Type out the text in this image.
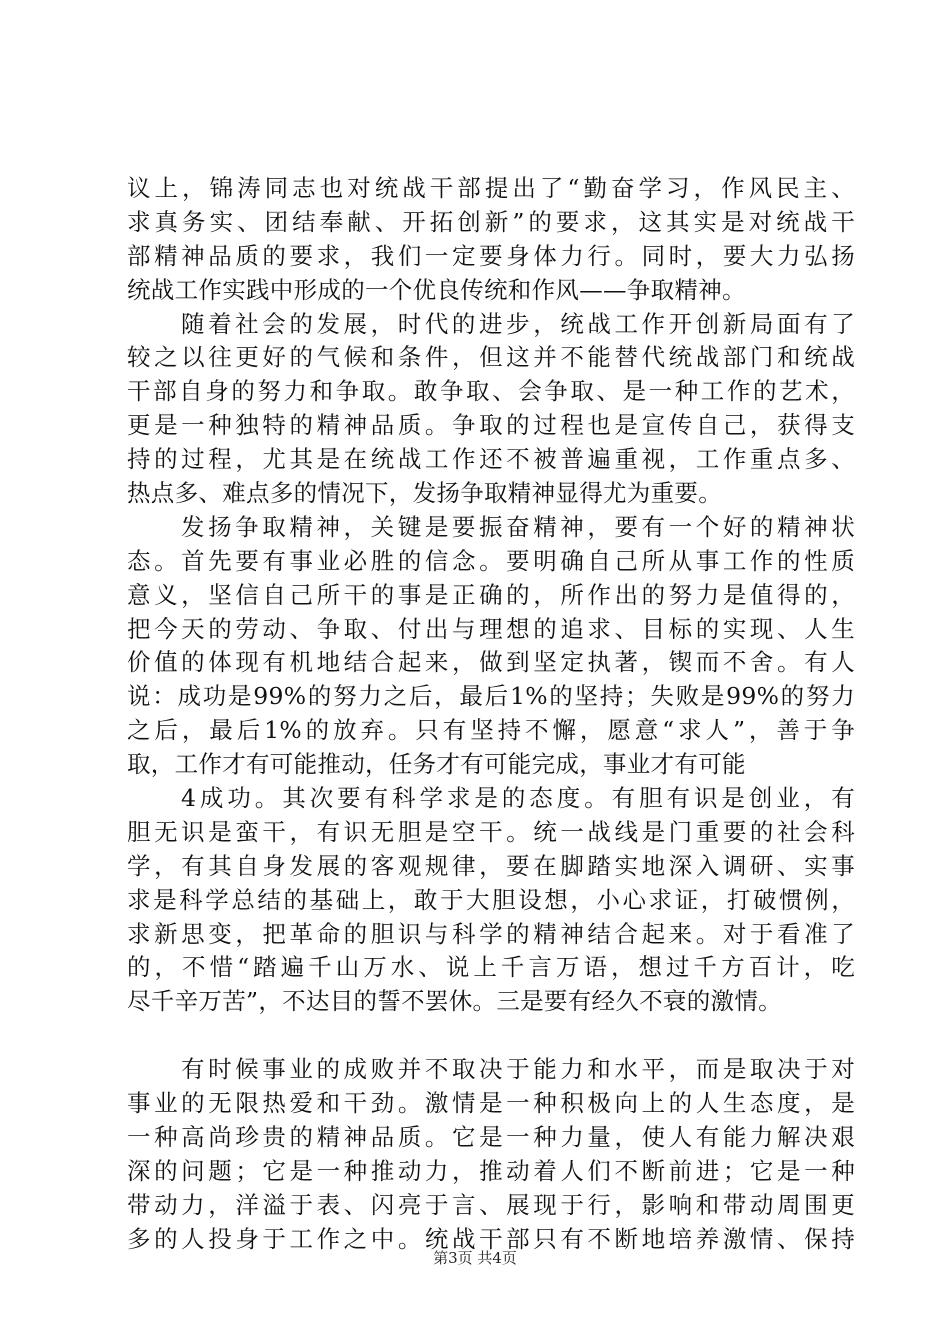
议上，锦涛同志也对统战干部提出了“勤奋学习，作风民主、
求真务实、团结奉献、开拓创新”的要求，这其实是对统战干
部精神品质的要求，我们一定要身体力行。同时，要大力弘扬
统战工作实践中形成的一个优良传统和作风——争取精神。
随着社会的发展，时代的进步，统战工作开创新局面有了
较之以往更好的气候和条件，但这并不能替代统战部门和统战
干部自身的努力和争取。敢争取、会争取、是一种工作的艺术，
更是一种独特的精神品质。争取的过程也是宣传自己，获得支
持的过程，尤其是在统战工作还不被普遍重视，工作重点多、
热点多、难点多的情况下，发扬争取精神显得尤为重要。
发扬争取精神，关键是要振奋精神，要有一个好的精神状
态。首先要有事业必胜的信念。要明确自己所从事工作的性质
意义，坚信自己所干的事是正确的，所作出的努力是值得的，
把今天的劳动、争取、付出与理想的追求、目标的实现、人生
价值的体现有机地结合起来，做到坚定执著，锲而不舍。有人
说：成功是99%的努力之后，最后1%的坚持；失败是99%的努力
之后，最后1%的放弃。只有坚持不懈，愿意“求人”，善于争
取，工作才有可能推动，任务才有可能完成，事业才有可能
4成功。其次要有科学求是的态度。有胆有识是创业，有
胆无识是蛮干，有识无胆是空干。统一战线是门重要的社会科
学，有其自身发展的客观规律，要在脚踏实地深入调研、实事
求是科学总结的基础上，敢于大胆设想，小心求证，打破惯例，
求新思变，把革命的胆识与科学的精神结合起来。对于看准了
的，不惜“踏遍千山万水、说上千言万语，想过千方百计，吃
尽千辛万苦”，不达目的誓不罢休。三是要有经久不衰的激情。
有时候事业的成败并不取决于能力和水平，而是取决于对
事业的无限热爱和干劲。激情是一种积极向上的人生态度，是
一种高尚珍贵的精神品质。它是一种力量，使人有能力解决艰
深的问题；它是一种推动力，推动着人们不断前进；它是一种
带动力，洋溢于表、闪亮于言、展现于行，影响和带动周围更
多的人投身于工作之中。统战干部只有不断地培养激情、保持
第3页 共4页
